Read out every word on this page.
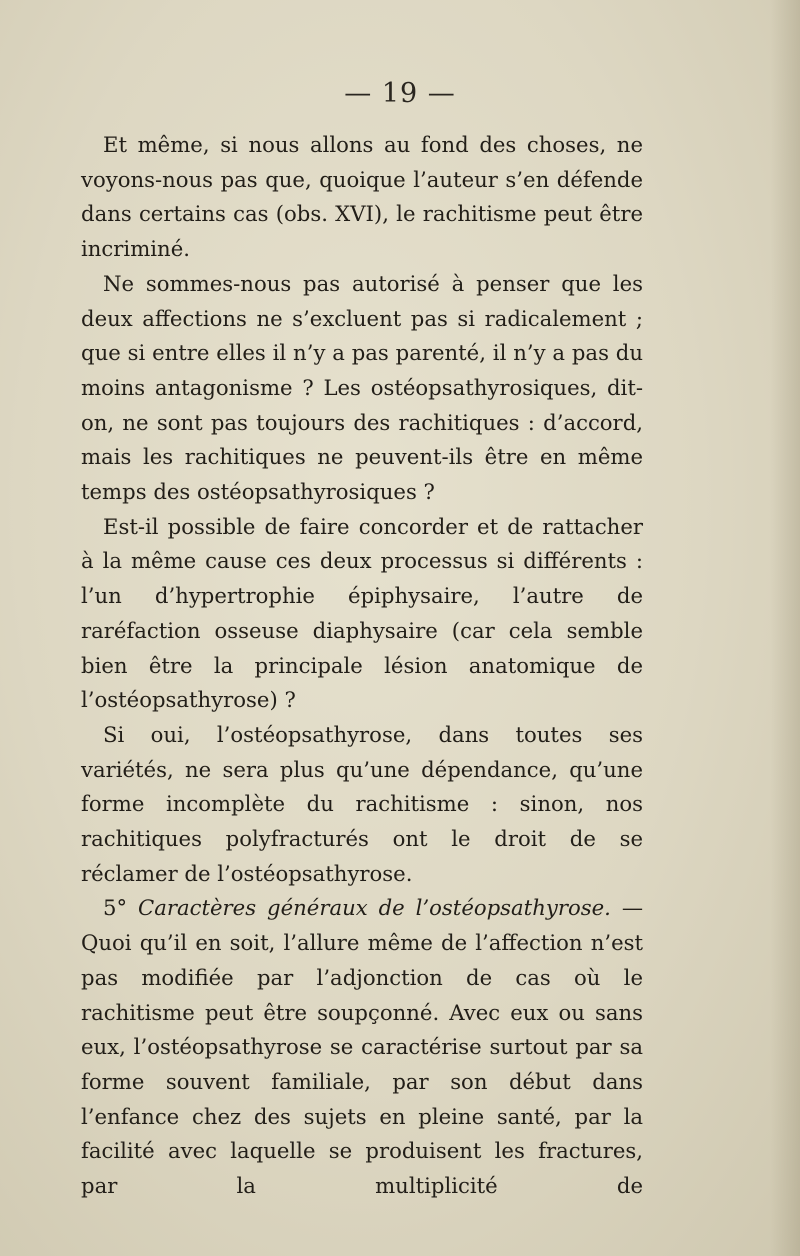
— 19 —

Et même, si nous allons au fond des choses, ne voyons-nous pas que, quoique l’auteur s’en défende dans certains cas (obs. XVI), le rachitisme peut être incriminé.

Ne sommes-nous pas autorisé à penser que les deux affections ne s’excluent pas si radicalement ; que si entre elles il n’y a pas parenté, il n’y a pas du moins antagonisme ? Les ostéopsathyrosiques, dit-on, ne sont pas toujours des rachitiques : d’accord, mais les rachitiques ne peuvent-ils être en même temps des ostéopsathyrosiques ?

Est-il possible de faire concorder et de rattacher à la même cause ces deux processus si différents : l’un d’hypertrophie épiphysaire, l’autre de raréfaction osseuse diaphysaire (car cela semble bien être la principale lésion anatomique de l’ostéopsathyrose) ?

Si oui, l’ostéopsathyrose, dans toutes ses variétés, ne sera plus qu’une dépendance, qu’une forme incomplète du rachitisme : sinon, nos rachitiques polyfracturés ont le droit de se réclamer de l’ostéopsathyrose.

5° Caractères généraux de l’ostéopsathyrose. — Quoi qu’il en soit, l’allure même de l’affection n’est pas modifiée par l’adjonction de cas où le rachitisme peut être soupçonné. Avec eux ou sans eux, l’ostéopsathyrose se caractérise surtout par sa forme souvent familiale, par son début dans l’enfance chez des sujets en pleine santé, par la facilité avec laquelle se produisent les fractures, par la multiplicité de
